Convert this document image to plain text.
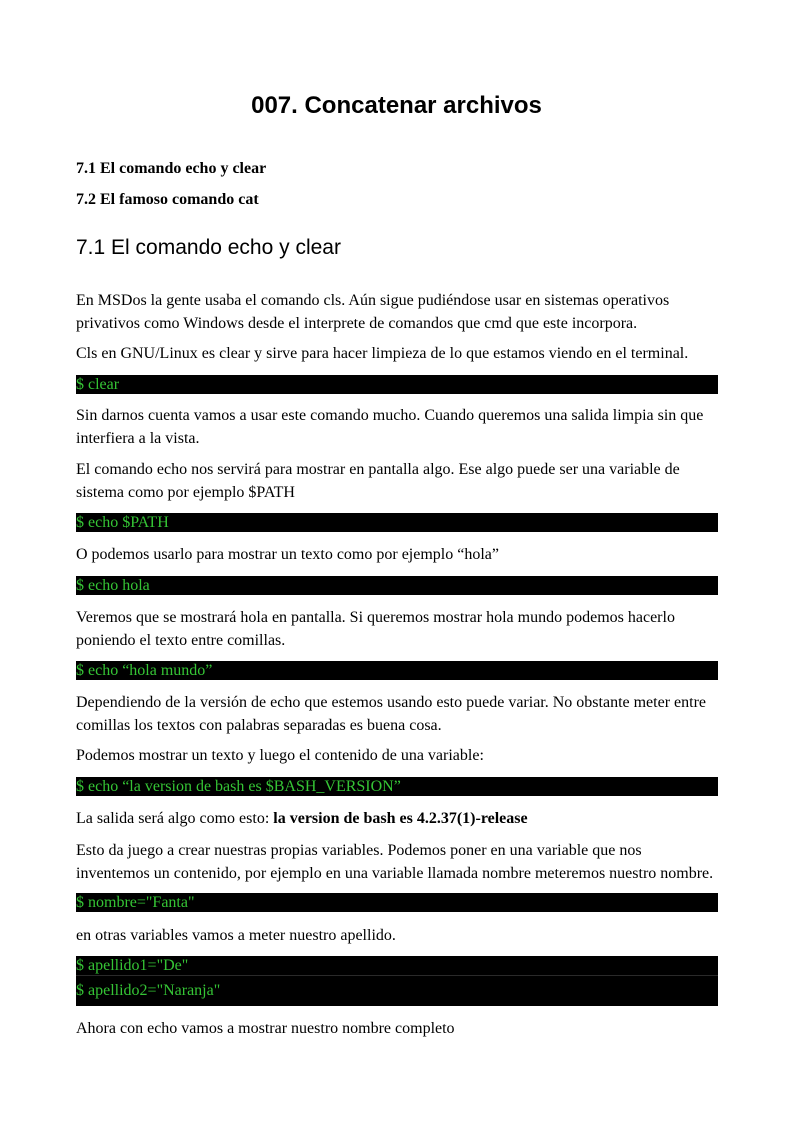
007. Concatenar archivos

7.1 El comando echo y clear

7.2 El famoso comando cat

7.1 El comando echo y clear

En MSDos la gente usaba el comando cls. Aún sigue pudiéndose usar en sistemas operativos privativos como Windows desde el interprete de comandos que cmd que este incorpora.

Cls en GNU/Linux es clear y sirve para hacer limpieza de lo que estamos viendo en el terminal.

$ clear

Sin darnos cuenta vamos a usar este comando mucho. Cuando queremos una salida limpia sin que interfiera a la vista.

El comando echo nos servirá para mostrar en pantalla algo. Ese algo puede ser una variable de sistema como por ejemplo $PATH

$ echo $PATH

O podemos usarlo para mostrar un texto como por ejemplo “hola”

$ echo hola

Veremos que se mostrará hola en pantalla. Si queremos mostrar hola mundo podemos hacerlo poniendo el texto entre comillas.

$ echo “hola mundo”

Dependiendo de la versión de echo que estemos usando esto puede variar. No obstante meter entre comillas los textos con palabras separadas es buena cosa.

Podemos mostrar un texto y luego el contenido de una variable:

$ echo “la version de bash es $BASH_VERSION”

La salida será algo como esto: la version de bash es 4.2.37(1)-release

Esto da juego a crear nuestras propias variables. Podemos poner en una variable que nos inventemos un contenido, por ejemplo en una variable llamada nombre meteremos nuestro nombre.

$ nombre="Fanta"

en otras variables vamos a meter nuestro apellido.

$ apellido1="De"
$ apellido2="Naranja"

Ahora con echo vamos a mostrar nuestro nombre completo
